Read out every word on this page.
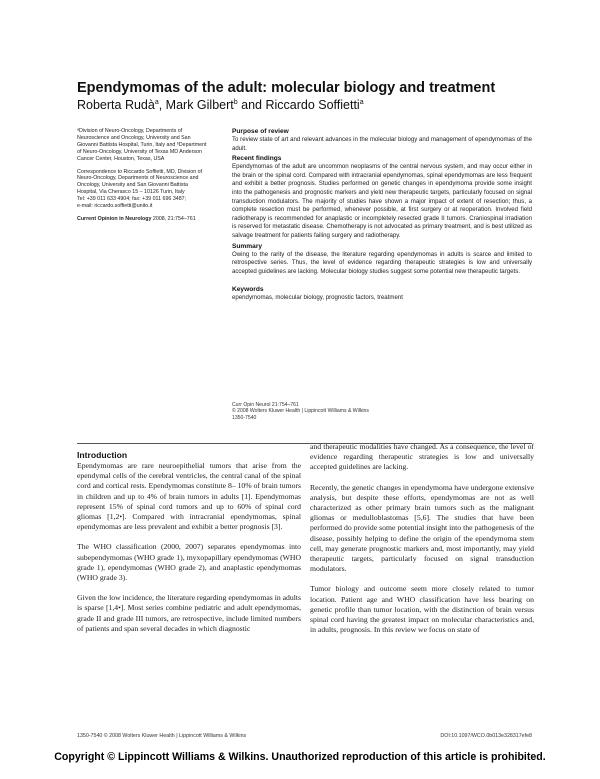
Ependymomas of the adult: molecular biology and treatment
Roberta Rudà$^a$, Mark Gilbert$^b$ and Riccardo Soffietti$^a$

ᵃDivision of Neuro-Oncology, Departments of
Neuroscience and Oncology, University and San
Giovanni Battista Hospital, Turin, Italy and ᵇDepartment
of Neuro-Oncology, University of Texas MD Anderson
Cancer Center, Houston, Texas, USA

Correspondence to Riccardo Soffietti, MD, Division of
Neuro-Oncology, Departments of Neuroscience and
Oncology, University and San Giovanni Battista
Hospital, Via Cherasco 15 – 10126 Turin, Italy
Tel: +39 011 633 4904; fax: +39 011 696 3487;
e-mail: riccardo.soffietti@unito.it

Current Opinion in Neurology 2008, 21:754–761

Purpose of review

To review state of art and relevant advances in the molecular biology and management of ependymomas of the adult.

Recent findings

Ependymomas of the adult are uncommon neoplasms of the central nervous system, and may occur either in the brain or the spinal cord. Compared with intracranial ependymomas, spinal ependymomas are less frequent and exhibit a better prognosis. Studies performed on genetic changes in ependymoma provide some insight into the pathogenesis and prognostic markers and yield new therapeutic targets, particularly focused on signal transduction modulators. The majority of studies have shown a major impact of extent of resection; thus, a complete resection must be performed, whenever possible, at first surgery or at reoperation. Involved field radiotherapy is recommended for anaplastic or incompletely resected grade II tumors. Craniospinal irradiation is reserved for metastatic disease. Chemotherapy is not advocated as primary treatment, and is best utilized as salvage treatment for patients failing surgery and radiotherapy.

Summary

Owing to the rarity of the disease, the literature regarding ependymomas in adults is scarce and limited to retrospective series. Thus, the level of evidence regarding therapeutic strategies is low and universally accepted guidelines are lacking. Molecular biology studies suggest some potential new therapeutic targets.

Keywords

ependymomas, molecular biology, prognostic factors, treatment

Curr Opin Neurol 21:754–761
© 2008 Wolters Kluwer Health | Lippincott Williams & Wilkins
1350-7540
Introduction

Ependymomas are rare neuroepithelial tumors that arise from the ependymal cells of the cerebral ventricles, the central canal of the spinal cord and cortical rests. Ependymomas constitute 8– 10% of brain tumors in children and up to 4% of brain tumors in adults [1]. Ependymomas represent 15% of spinal cord tumors and up to 60% of spinal cord gliomas [1,2•]. Compared with intracranial ependymomas, spinal ependymomas are less prevalent and exhibit a better prognosis [3].

The WHO classification (2000, 2007) separates ependymomas into subependymomas (WHO grade 1), myxopapillary ependymomas (WHO grade 1), ependymomas (WHO grade 2), and anaplastic ependymomas (WHO grade 3).

Given the low incidence, the literature regarding ependymomas in adults is sparse [1,4•]. Most series combine pediatric and adult ependymomas, grade II and grade III tumors, are retrospective, include limited numbers of patients and span several decades in which diagnostic

and therapeutic modalities have changed. As a consequence, the level of evidence regarding therapeutic strategies is low and universally accepted guidelines are lacking.

Recently, the genetic changes in ependymoma have undergone extensive analysis, but despite these efforts, ependymomas are not as well characterized as other primary brain tumors such as the malignant gliomas or medulloblastomas [5,6]. The studies that have been performed do provide some potential insight into the pathogenesis of the disease, possibly helping to define the origin of the ependymoma stem cell, may generate prognostic markers and, most importantly, may yield therapeutic targets, particularly focused on signal transduction modulators.

Tumor biology and outcome seem more closely related to tumor location. Patient age and WHO classification have less bearing on genetic profile than tumor location, with the distinction of brain versus spinal cord having the greatest impact on molecular characteristics and, in adults, prognosis. In this review we focus on state of

1350-7540 © 2008 Wolters Kluwer Health | Lippincott Williams & Wilkins	DOI:10.1097/WCO.0b013e328317efe8
Copyright © Lippincott Williams & Wilkins. Unauthorized reproduction of this article is prohibited.
